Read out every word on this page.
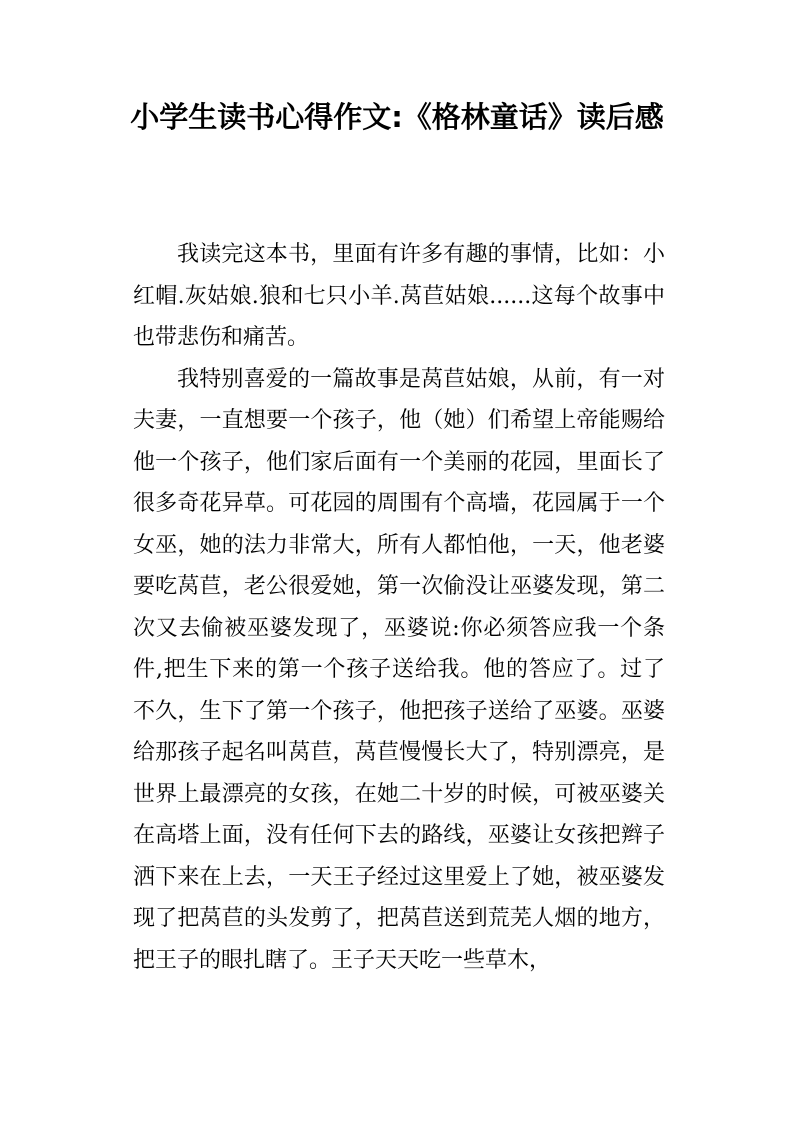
小学生读书心得作文:《格林童话》读后感

我读完这本书，里面有许多有趣的事情，比如：小红帽.灰姑娘.狼和七只小羊.莴苣姑娘......这每个故事中也带悲伤和痛苦。

我特别喜爱的一篇故事是莴苣姑娘，从前，有一对夫妻，一直想要一个孩子，他（她）们希望上帝能赐给他一个孩子，他们家后面有一个美丽的花园，里面长了很多奇花异草。可花园的周围有个高墙，花园属于一个女巫，她的法力非常大，所有人都怕他，一天，他老婆要吃莴苣，老公很爱她，第一次偷没让巫婆发现，第二次又去偷被巫婆发现了，巫婆说:你必须答应我一个条件,把生下来的第一个孩子送给我。他的答应了。过了不久，生下了第一个孩子，他把孩子送给了巫婆。巫婆给那孩子起名叫莴苣，莴苣慢慢长大了，特别漂亮，是世界上最漂亮的女孩，在她二十岁的时候，可被巫婆关在高塔上面，没有任何下去的路线，巫婆让女孩把辫子洒下来在上去，一天王子经过这里爱上了她，被巫婆发现了把莴苣的头发剪了，把莴苣送到荒芜人烟的地方，把王子的眼扎瞎了。王子天天吃一些草木，
